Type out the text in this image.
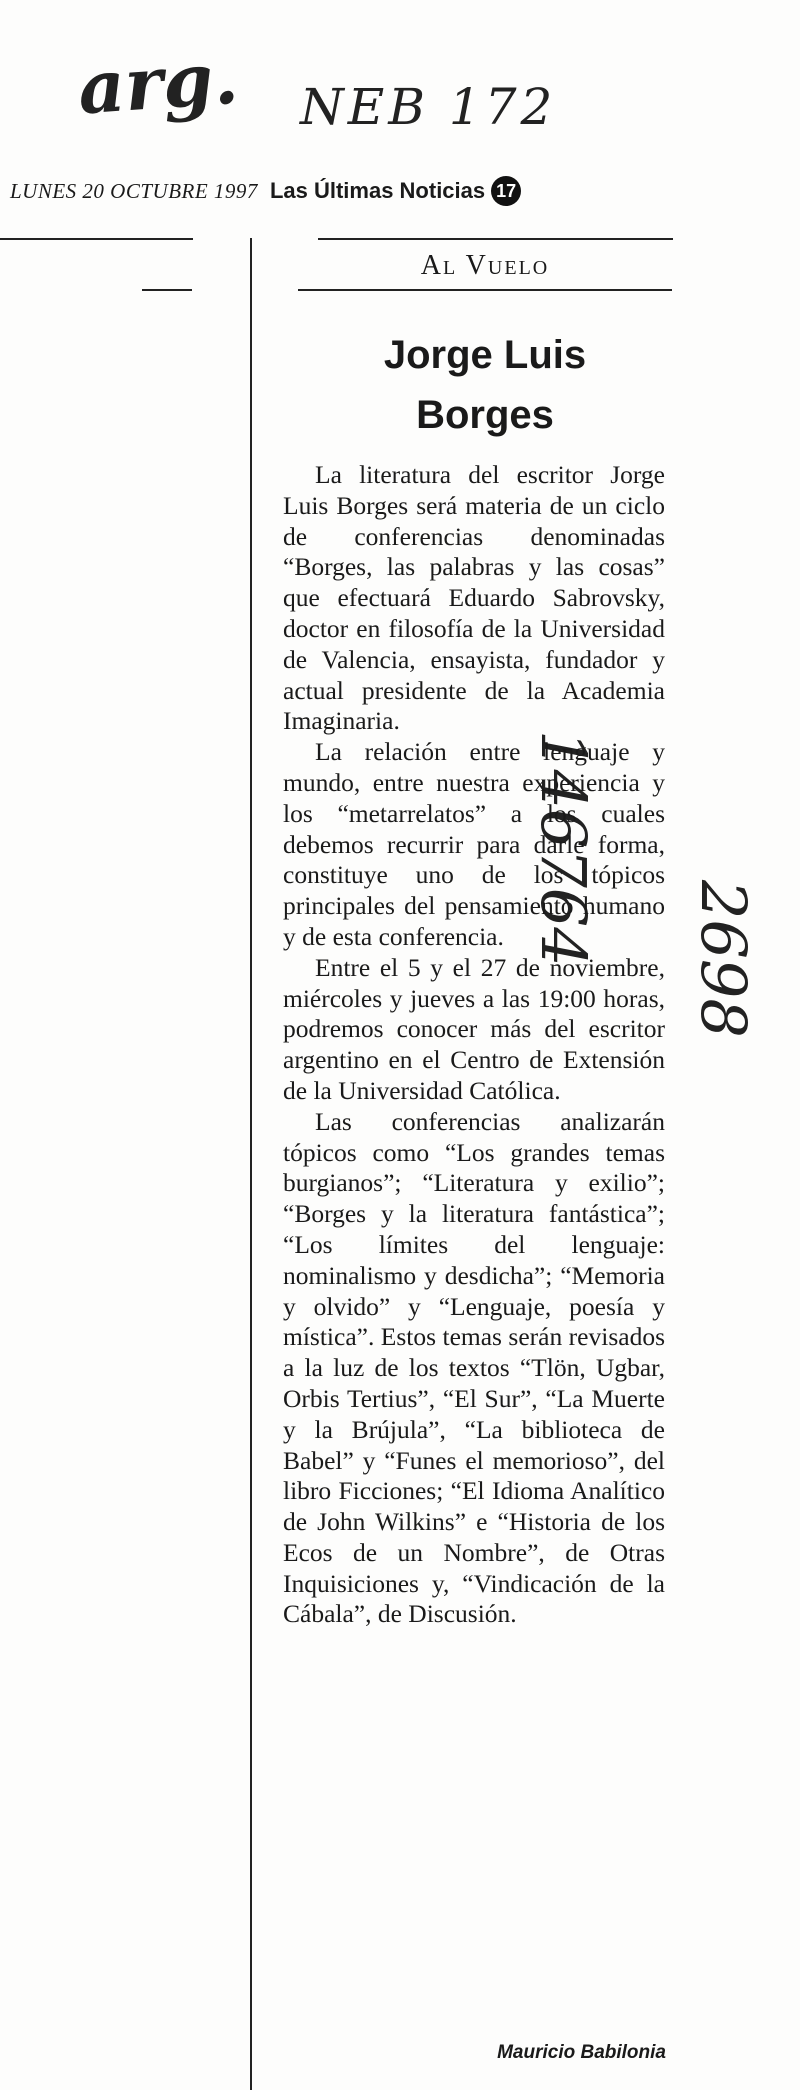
arg. NEB 172
146764 2698
LUNES 20 OCTUBRE 1997 Las Últimas Noticias 17
Al Vuelo
Jorge Luis
Borges

La literatura del escritor Jorge Luis Borges será materia de un ciclo de conferencias denominadas “Borges, las palabras y las cosas” que efectuará Eduardo Sabrovsky, doctor en filosofía de la Universidad de Valencia, ensayista, fundador y actual presidente de la Academia Imaginaria.

La relación entre lenguaje y mundo, entre nuestra experiencia y los “metarrelatos” a los cuales debemos recurrir para darle forma, constituye uno de los tópicos principales del pensamiento humano y de esta conferencia.

Entre el 5 y el 27 de noviembre, miércoles y jueves a las 19:00 horas, podremos conocer más del escritor argentino en el Centro de Extensión de la Universidad Católica.

Las conferencias analizarán tópicos como “Los grandes temas burgianos”; “Literatura y exilio”; “Borges y la literatura fantástica”; “Los límites del lenguaje: nominalismo y desdicha”; “Memoria y olvido” y “Lenguaje, poesía y mística”. Estos temas serán revisados a la luz de los textos “Tlön, Ugbar, Orbis Tertius”, “El Sur”, “La Muerte y la Brújula”, “La biblioteca de Babel” y “Funes el memorioso”, del libro Ficciones; “El Idioma Analítico de John Wilkins” e “Historia de los Ecos de un Nombre”, de Otras Inquisiciones y, “Vindicación de la Cábala”, de Discusión.

Mauricio Babilonia
